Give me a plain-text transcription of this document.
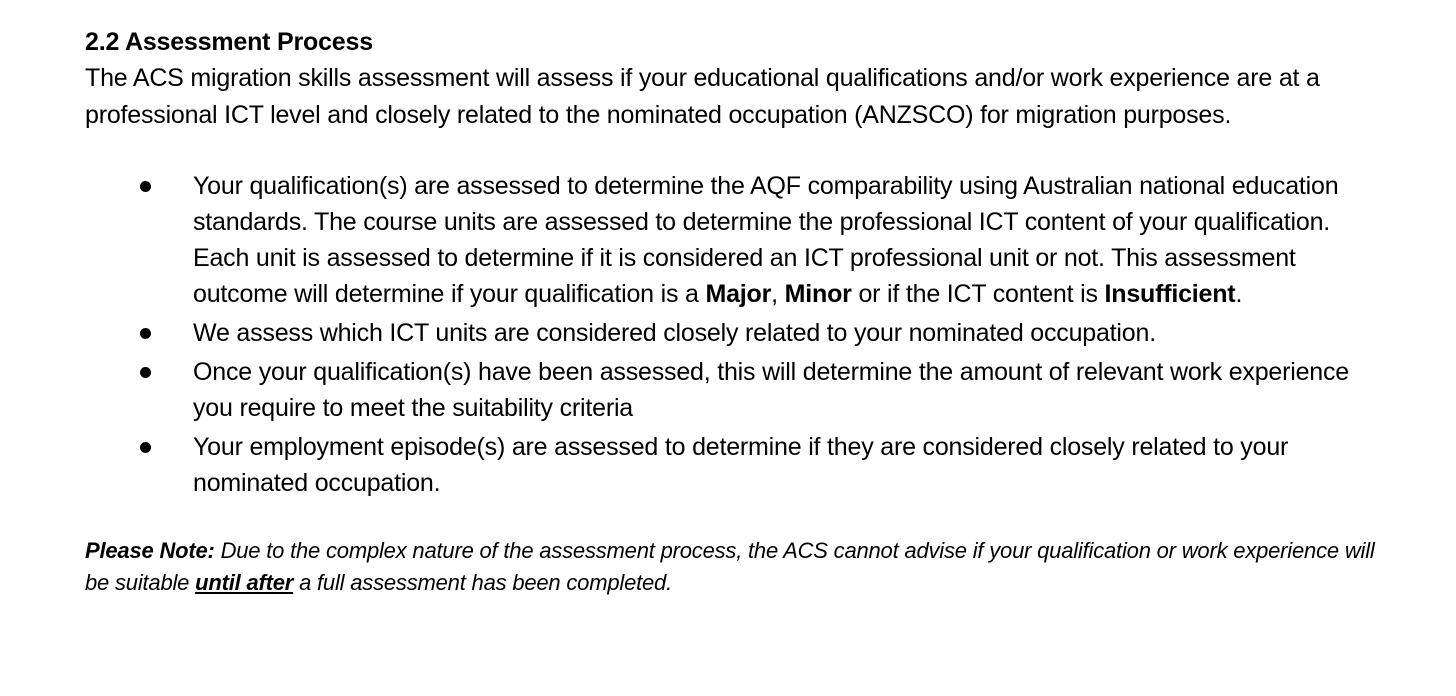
2.2 Assessment Process

The ACS migration skills assessment will assess if your educational qualifications and/or work experience are at a professional ICT level and closely related to the nominated occupation (ANZSCO) for migration purposes.

Your qualification(s) are assessed to determine the AQF comparability using Australian national education standards. The course units are assessed to determine the professional ICT content of your qualification. Each unit is assessed to determine if it is considered an ICT professional unit or not. This assessment outcome will determine if your qualification is a Major, Minor or if the ICT content is Insufficient.
We assess which ICT units are considered closely related to your nominated occupation.
Once your qualification(s) have been assessed, this will determine the amount of relevant work experience you require to meet the suitability criteria
Your employment episode(s) are assessed to determine if they are considered closely related to your nominated occupation.

Please Note: Due to the complex nature of the assessment process, the ACS cannot advise if your qualification or work experience will be suitable until after a full assessment has been completed.
